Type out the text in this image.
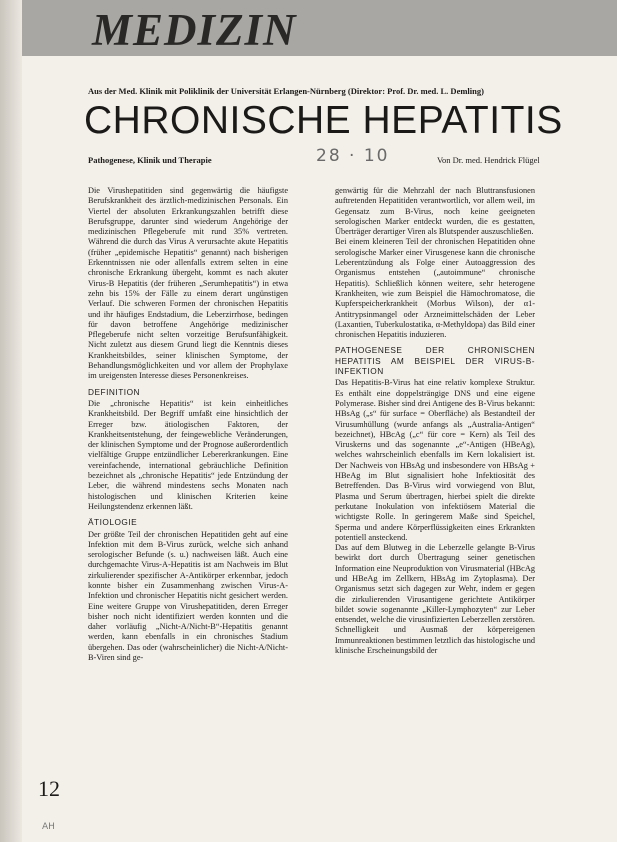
MEDIZIN
Aus der Med. Klinik mit Poliklinik der Universität Erlangen-Nürnberg (Direktor: Prof. Dr. med. L. Demling)
CHRONISCHE HEPATITIS
Pathogenese, Klinik und Therapie	28 · 10	Von Dr. med. Hendrick Flügel

Die Virushepatitiden sind gegenwärtig die häufigste Berufskrankheit des ärztlich-medizinischen Personals. Ein Viertel der absoluten Erkrankungszahlen betrifft diese Berufsgruppe, darunter sind wiederum Angehörige der medizinischen Pflegeberufe mit rund 35% vertreten. Während die durch das Virus A verursachte akute Hepatitis (früher „epidemische Hepatitis“ genannt) nach bisherigen Erkenntnissen nie oder allenfalls extrem selten in eine chronische Erkrankung übergeht, kommt es nach akuter Virus-B Hepatitis (der früheren „Serumhepatitis“) in etwa zehn bis 15% der Fälle zu einem derart ungünstigen Verlauf. Die schweren Formen der chronischen Hepatitis und ihr häufiges Endstadium, die Leberzirrhose, bedingen für davon betroffene Angehörige medizinischer Pflegeberufe nicht selten vorzeitige Berufsunfähigkeit. Nicht zuletzt aus diesem Grund liegt die Kenntnis dieses Krankheitsbildes, seiner klinischen Symptome, der Behandlungsmöglichkeiten und vor allem der Prophylaxe im ureigensten Interesse dieses Personenkreises.

DEFINITION

Die „chronische Hepatitis“ ist kein einheitliches Krankheitsbild. Der Begriff umfaßt eine hinsichtlich der Erreger bzw. ätiologischen Faktoren, der Krankheitsentstehung, der feingewebliche Veränderungen, der klinischen Symptome und der Prognose außerordentlich vielfältige Gruppe entzündlicher Lebererkrankungen. Eine vereinfachende, international gebräuchliche Definition bezeichnet als „chronische Hepatitis“ jede Entzündung der Leber, die während mindestens sechs Monaten nach histologischen und klinischen Kriterien keine Heilungstendenz erkennen läßt.

ÄTIOLOGIE

Der größte Teil der chronischen Hepatitiden geht auf eine Infektion mit dem B-Virus zurück, welche sich anhand serologischer Befunde (s. u.) nachweisen läßt. Auch eine durchgemachte Virus-A-Hepatitis ist am Nachweis im Blut zirkulierender spezifischer A-Antikörper erkennbar, jedoch konnte bisher ein Zusammenhang zwischen Virus-A-Infektion und chronischer Hepatitis nicht gesichert werden. Eine weitere Gruppe von Virushepatitiden, deren Erreger bisher noch nicht identifiziert werden konnten und die daher vorläufig „Nicht-A/Nicht-B“-Hepatitis genannt werden, kann ebenfalls in ein chronisches Stadium übergehen. Das oder (wahrscheinlicher) die Nicht-A/Nicht-B-Viren sind ge-

genwärtig für die Mehrzahl der nach Bluttransfusionen auftretenden Hepatitiden verantwortlich, vor allem weil, im Gegensatz zum B-Virus, noch keine geeigneten serologischen Marker entdeckt wurden, die es gestatten, Überträger derartiger Viren als Blutspender auszuschließen.

Bei einem kleineren Teil der chronischen Hepatitiden ohne serologische Marker einer Virusgenese kann die chronische Leberentzündung als Folge einer Autoaggression des Organismus entstehen („autoimmune“ chronische Hepatitis). Schließlich können weitere, sehr heterogene Krankheiten, wie zum Beispiel die Hämochromatose, die Kupferspeicherkrankheit (Morbus Wilson), der α1-Antitrypsinmangel oder Arzneimittelschäden der Leber (Laxantien, Tuberkulostatika, α-Methyldopa) das Bild einer chronischen Hepatitis induzieren.

PATHOGENESE DER CHRONISCHEN HEPATITIS AM BEISPIEL DER VIRUS-B-INFEKTION

Das Hepatitis-B-Virus hat eine relativ komplexe Struktur. Es enthält eine doppelsträngige DNS und eine eigene Polymerase. Bisher sind drei Antigene des B-Virus bekannt: HBsAg („s“ für surface = Oberfläche) als Bestandteil der Virusumhüllung (wurde anfangs als „Australia-Antigen“ bezeichnet), HBcAg („c“ für core = Kern) als Teil des Viruskerns und das sogenannte „e“-Antigen (HBeAg), welches wahrscheinlich ebenfalls im Kern lokalisiert ist. Der Nachweis von HBsAg und insbesondere von HBsAg + HBeAg im Blut signalisiert hohe Infektiosität des Betreffenden. Das B-Virus wird vorwiegend von Blut, Plasma und Serum übertragen, hierbei spielt die direkte perkutane Inokulation von infektiösem Material die wichtigste Rolle. In geringerem Maße sind Speichel, Sperma und andere Körperflüssigkeiten eines Erkrankten potentiell ansteckend.

Das auf dem Blutweg in die Leberzelle gelangte B-Virus bewirkt dort durch Übertragung seiner genetischen Information eine Neuproduktion von Virusmaterial (HBcAg und HBeAg im Zellkern, HBsAg im Zytoplasma). Der Organismus setzt sich dagegen zur Wehr, indem er gegen die zirkulierenden Virusantigene gerichtete Antikörper bildet sowie sogenannte „Killer-Lymphozyten“ zur Leber entsendet, welche die virusinfizierten Leberzellen zerstören. Schnelligkeit und Ausmaß der körpereigenen Immunreaktionen bestimmen letztlich das histologische und klinische Erscheinungsbild der

12
AH
